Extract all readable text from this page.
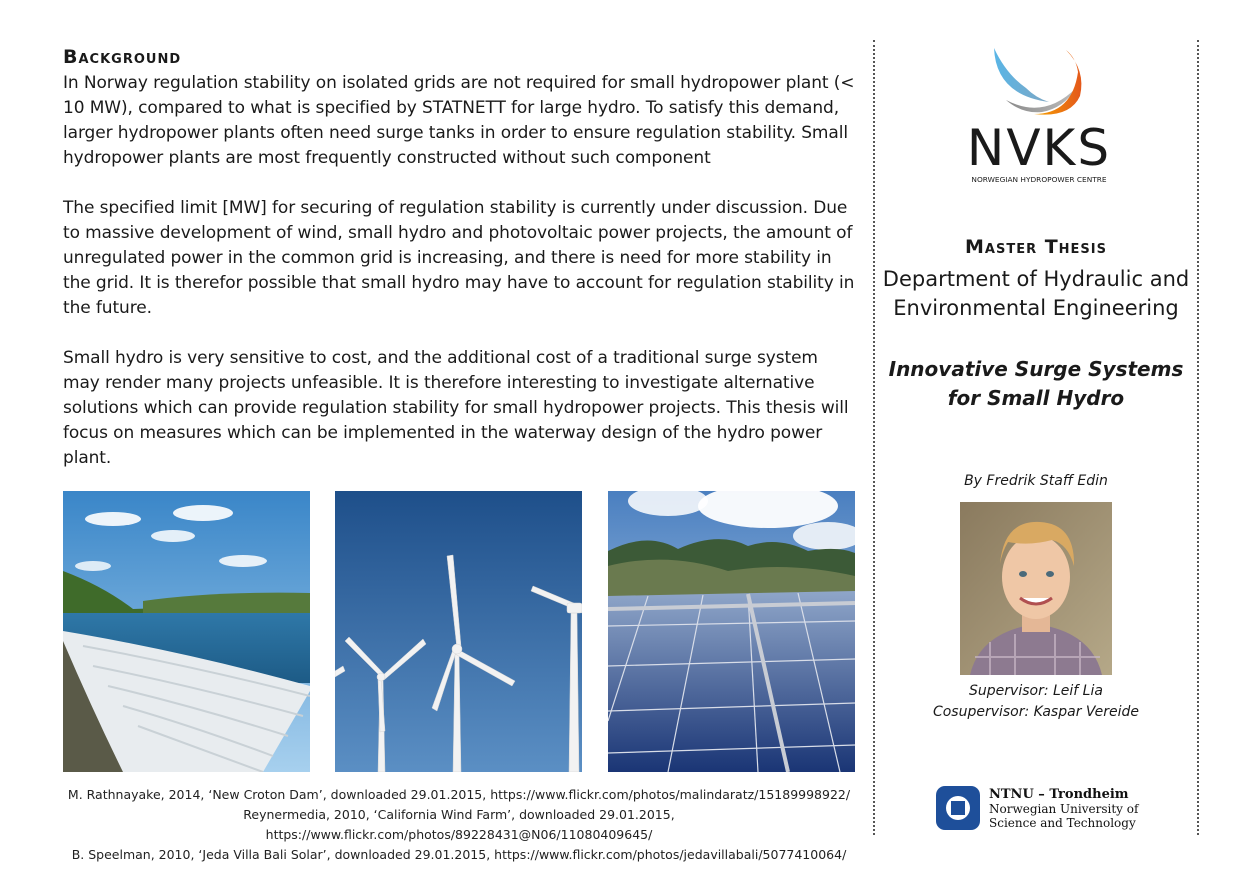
Background

In Norway regulation stability on isolated grids are not required for small hydropower plant (< 10 MW), compared to what is specified by STATNETT for large hydro. To satisfy this demand, larger hydropower plants often need surge tanks in order to ensure regulation stability. Small hydropower plants are most frequently constructed without such component

The specified limit [MW] for securing of regulation stability is currently under discussion. Due to massive development of wind, small hydro and photovoltaic power projects, the amount of unregulated power in the common grid is increasing, and there is need for more stability in the grid. It is therefor possible that small hydro may have to account for regulation stability in the future.

Small hydro is very sensitive to cost, and the additional cost of a traditional surge system may render many projects unfeasible. It is therefore interesting to investigate alternative solutions which can provide regulation stability for small hydropower projects. This thesis will focus on measures which can be implemented in the waterway design of the hydro power plant.

M. Rathnayake, 2014, ‘New Croton Dam’, downloaded 29.01.2015, https://www.flickr.com/photos/malindaratz/15189998922/
Reynermedia, 2010, ‘California Wind Farm’, downloaded 29.01.2015, https://www.flickr.com/photos/89228431@N06/11080409645/
B. Speelman, 2010, ‘Jeda Villa Bali Solar’, downloaded 29.01.2015, https://www.flickr.com/photos/jedavillabali/5077410064/
NVKS
NORWEGIAN HYDROPOWER CENTRE
Master Thesis
Department of Hydraulic and Environmental Engineering
Innovative Surge Systems for Small Hydro
By Fredrik Staff Edin
Supervisor: Leif Lia
Cosupervisor: Kaspar Vereide
NTNU – Trondheim
Norwegian University of
Science and Technology
